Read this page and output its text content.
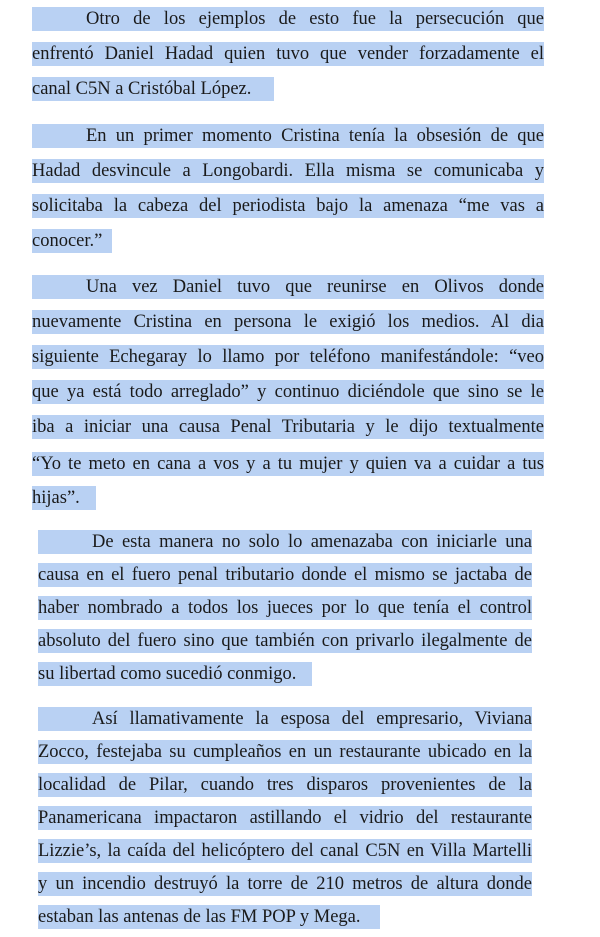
Otro de los ejemplos de esto fue la persecución que
enfrentó Daniel Hadad quien tuvo que vender forzadamente el
canal C5N a Cristóbal López.
En un primer momento Cristina tenía la obsesión de que
Hadad desvincule a Longobardi. Ella misma se comunicaba y
solicitaba la cabeza del periodista bajo la amenaza “me vas a
conocer.”
Una vez Daniel tuvo que reunirse en Olivos donde
nuevamente Cristina en persona le exigió los medios. Al dia
siguiente Echegaray lo llamo por teléfono manifestándole: “veo
que ya está todo arreglado” y continuo diciéndole que sino se le
iba a iniciar una causa Penal Tributaria y le dijo textualmente
“Yo te meto en cana a vos y a tu mujer y quien va a cuidar a tus
hijas”.
De esta manera no solo lo amenazaba con iniciarle una
causa en el fuero penal tributario donde el mismo se jactaba de
haber nombrado a todos los jueces por lo que tenía el control
absoluto del fuero sino que también con privarlo ilegalmente de
su libertad como sucedió conmigo.
Así llamativamente la esposa del empresario, Viviana
Zocco, festejaba su cumpleaños en un restaurante ubicado en la
localidad de Pilar, cuando tres disparos provenientes de la
Panamericana impactaron astillando el vidrio del restaurante
Lizzie’s, la caída del helicóptero del canal C5N en Villa Martelli
y un incendio destruyó la torre de 210 metros de altura donde
estaban las antenas de las FM POP y Mega.
